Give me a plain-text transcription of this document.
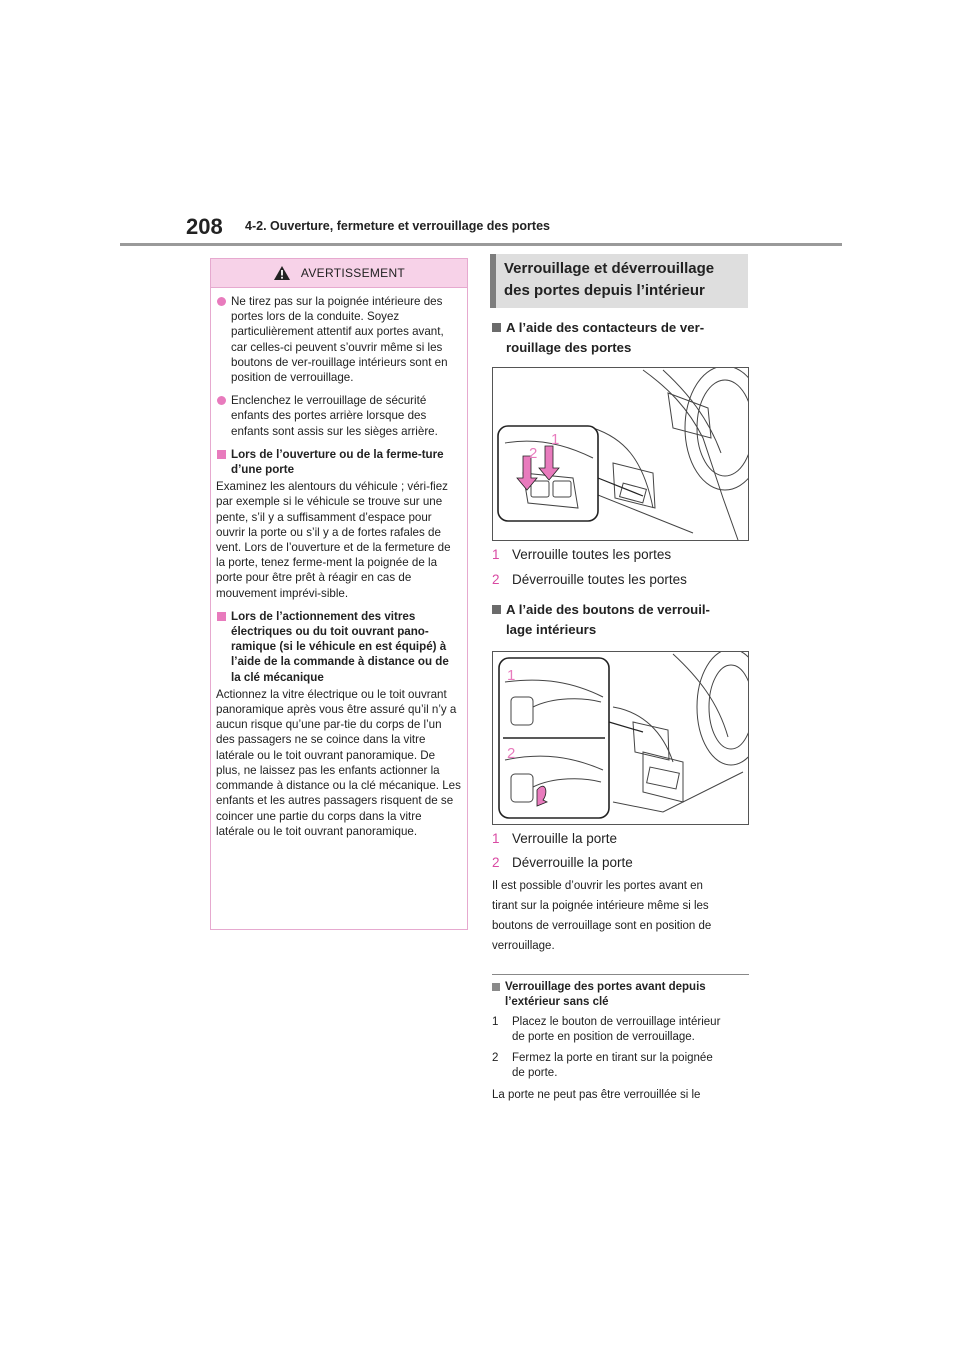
208 4-2. Ouverture, fermeture et verrouillage des portes
AVERTISSEMENT
Ne tirez pas sur la poignée intérieure des portes lors de la conduite. Soyez particulièrement attentif aux portes avant, car celles-ci peuvent s’ouvrir même si les boutons de ver-rouillage intérieurs sont en position de verrouillage.
Enclenchez le verrouillage de sécurité enfants des portes arrière lorsque des enfants sont assis sur les sièges arrière.
Lors de l’ouverture ou de la ferme-ture d’une porte
Examinez les alentours du véhicule ; véri-fiez par exemple si le véhicule se trouve sur une pente, s’il y a suffisamment d’espace pour ouvrir la porte ou s’il y a de fortes rafales de vent. Lors de l’ouverture et de la fermeture de la porte, tenez ferme-ment la poignée de la porte pour être prêt à réagir en cas de mouvement imprévi-sible.
Lors de l’actionnement des vitres électriques ou du toit ouvrant pano-ramique (si le véhicule en est équipé) à l’aide de la commande à distance ou de la clé mécanique
Actionnez la vitre électrique ou le toit ouvrant panoramique après vous être assuré qu’il n’y a aucun risque qu’une par-tie du corps de l’un des passagers ne se coince dans la vitre latérale ou le toit ouvrant panoramique. De plus, ne laissez pas les enfants actionner la commande à distance ou la clé mécanique. Les enfants et les autres passagers risquent de se coincer une partie du corps dans la vitre latérale ou le toit ouvrant panoramique.
Verrouillage et déverrouillage
des portes depuis l’intérieur
A l’aide des contacteurs de ver-
rouillage des portes
1
2
1 Verrouille toutes les portes
2 Déverrouille toutes les portes
A l’aide des boutons de verrouil-
lage intérieurs
1
2
1 Verrouille la porte
2 Déverrouille la porte
Il est possible d’ouvrir les portes avant en
tirant sur la poignée intérieure même si les
boutons de verrouillage sont en position de
verrouillage.
Verrouillage des portes avant depuis
l’extérieur sans clé
1	Placez le bouton de verrouillage intérieur
de porte en position de verrouillage.
2	Fermez la porte en tirant sur la poignée
de porte.
La porte ne peut pas être verrouillée si le
